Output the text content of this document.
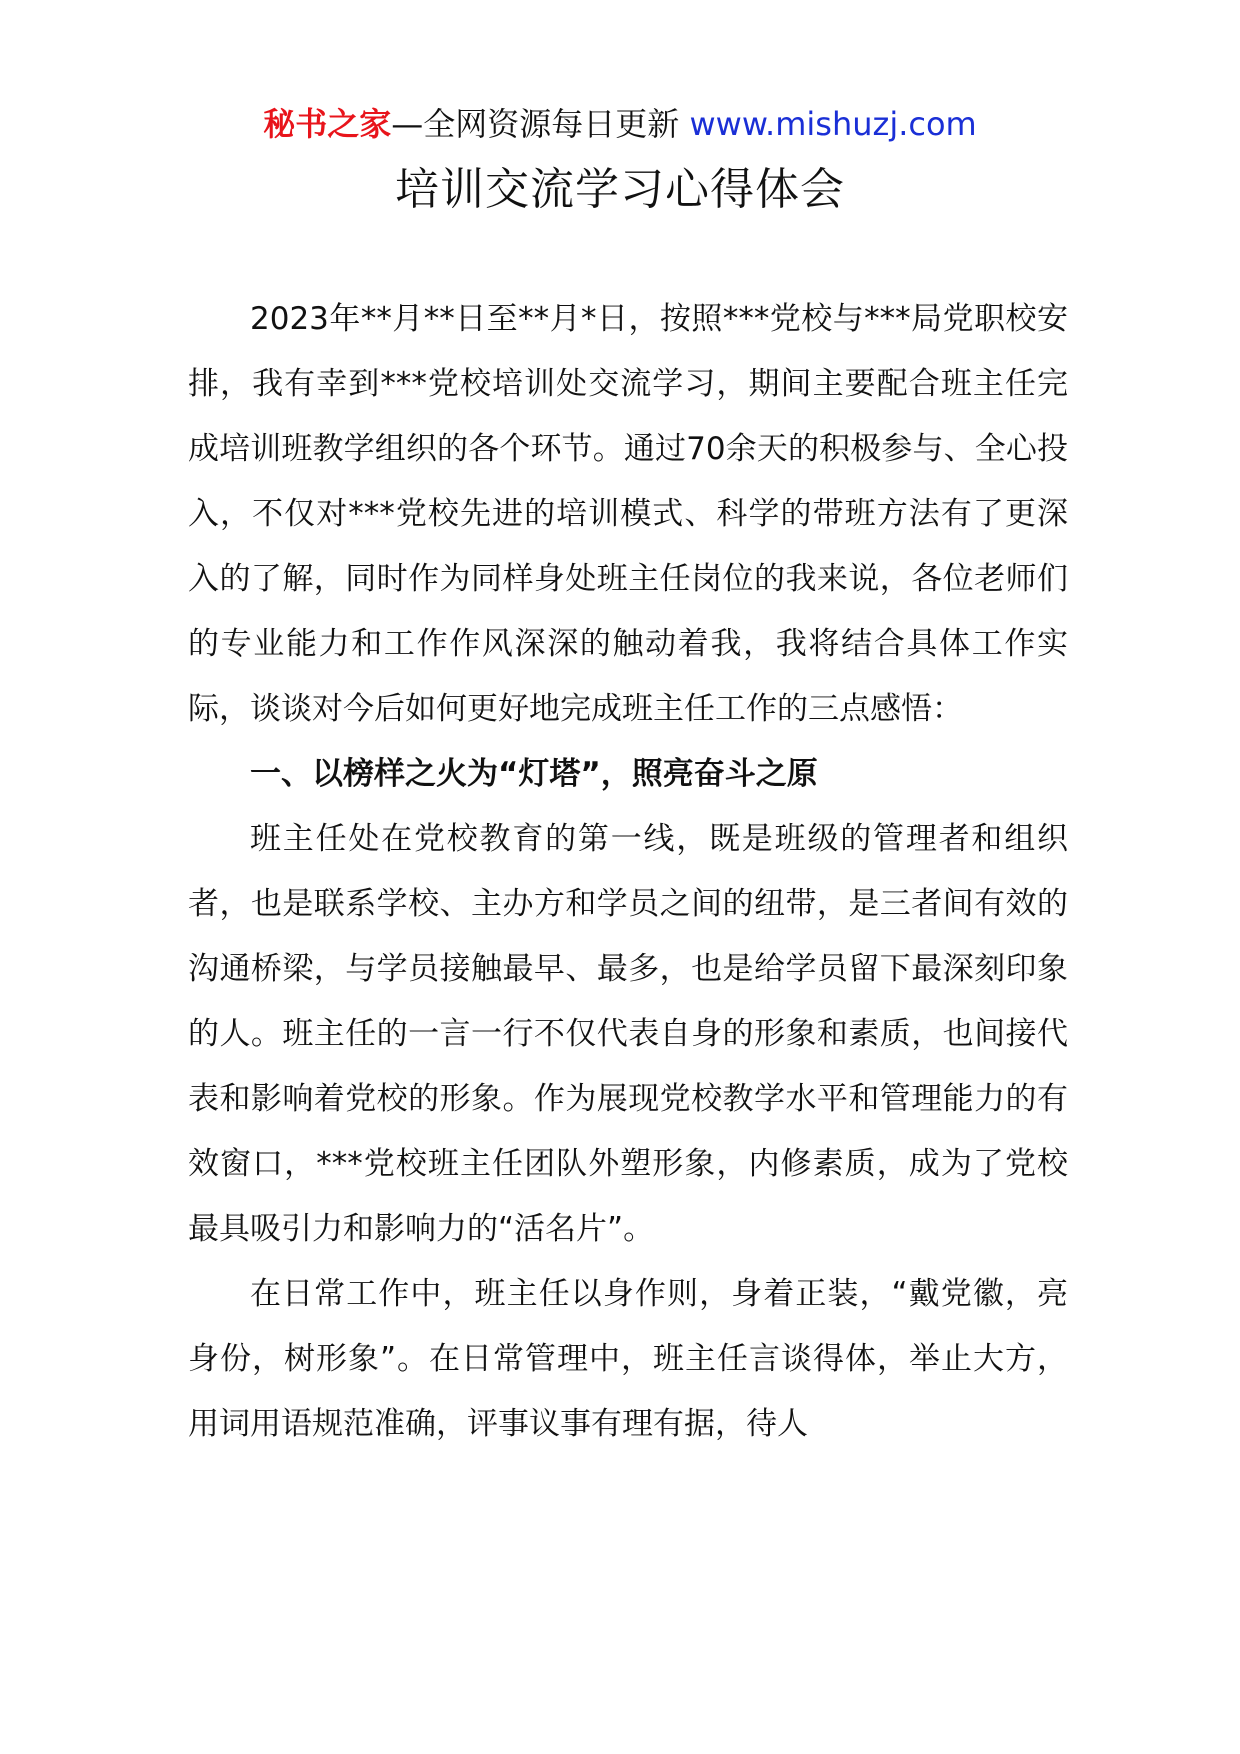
秘书之家—全网资源每日更新 www.mishuzj.com
培训交流学习心得体会

2023年**月**日至**月*日，按照***党校与***局党职校安排，我有幸到***党校培训处交流学习，期间主要配合班主任完成培训班教学组织的各个环节。通过70余天的积极参与、全心投入，不仅对***党校先进的培训模式、科学的带班方法有了更深入的了解，同时作为同样身处班主任岗位的我来说，各位老师们的专业能力和工作作风深深的触动着我，我将结合具体工作实际，谈谈对今后如何更好地完成班主任工作的三点感悟：

一、以榜样之火为“灯塔”，照亮奋斗之原

班主任处在党校教育的第一线，既是班级的管理者和组织者，也是联系学校、主办方和学员之间的纽带，是三者间有效的沟通桥梁，与学员接触最早、最多，也是给学员留下最深刻印象的人。班主任的一言一行不仅代表自身的形象和素质，也间接代表和影响着党校的形象。作为展现党校教学水平和管理能力的有效窗口，***党校班主任团队外塑形象，内修素质，成为了党校最具吸引力和影响力的“活名片”。

在日常工作中，班主任以身作则，身着正装，“戴党徽，亮身份，树形象”。在日常管理中，班主任言谈得体，举止大方，用词用语规范准确，评事议事有理有据，待人
